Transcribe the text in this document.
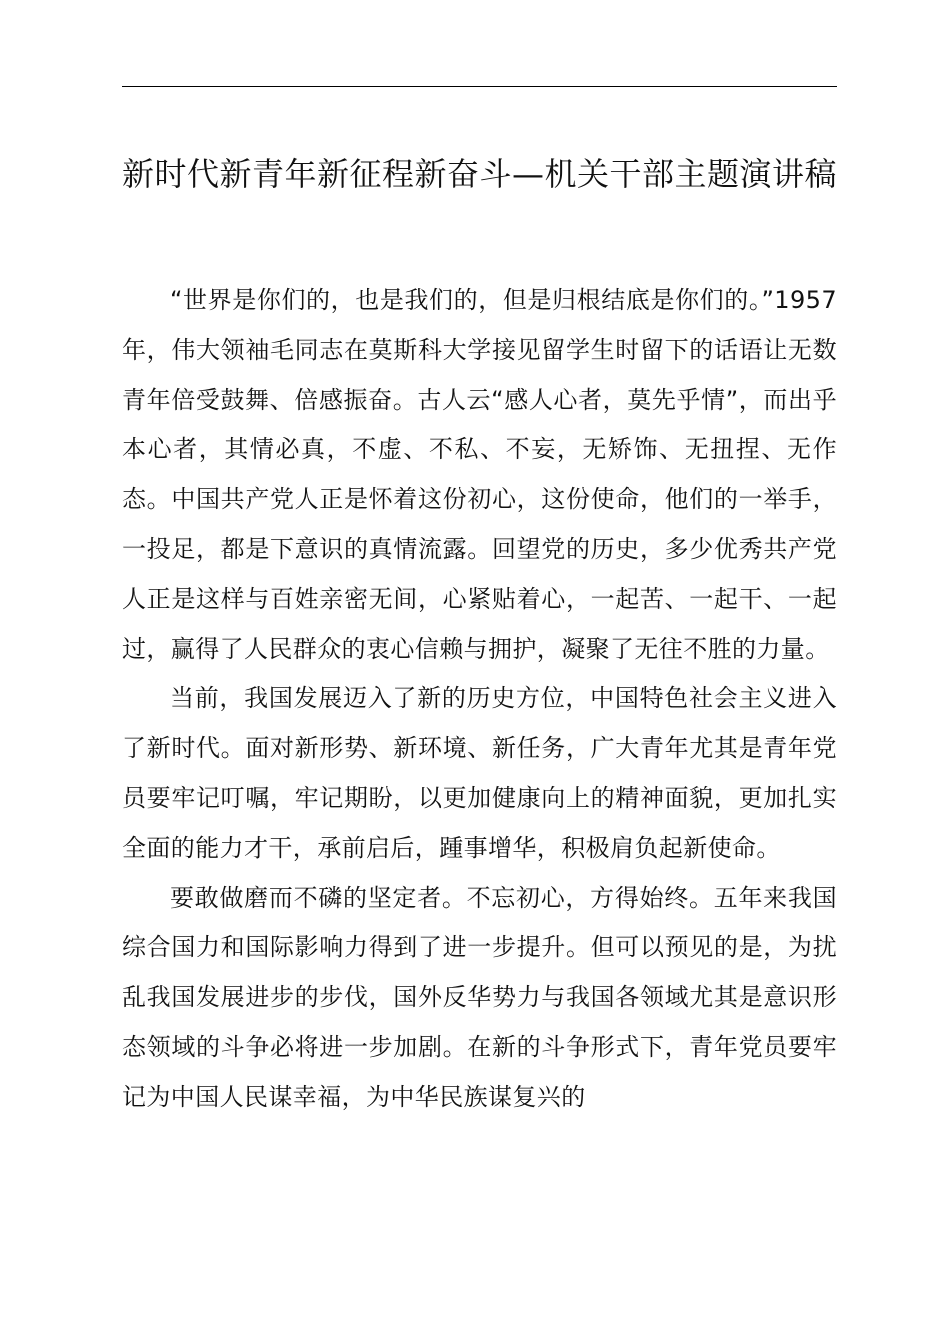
新时代新青年新征程新奋斗—机关干部主题演讲稿

“世界是你们的，也是我们的，但是归根结底是你们的。”1957年，伟大领袖毛同志在莫斯科大学接见留学生时留下的话语让无数青年倍受鼓舞、倍感振奋。古人云“感人心者，莫先乎情”，而出乎本心者，其情必真，不虚、不私、不妄，无矫饰、无扭捏、无作态。中国共产党人正是怀着这份初心，这份使命，他们的一举手，一投足，都是下意识的真情流露。回望党的历史，多少优秀共产党人正是这样与百姓亲密无间，心紧贴着心，一起苦、一起干、一起过，赢得了人民群众的衷心信赖与拥护，凝聚了无往不胜的力量。

当前，我国发展迈入了新的历史方位，中国特色社会主义进入了新时代。面对新形势、新环境、新任务，广大青年尤其是青年党员要牢记叮嘱，牢记期盼，以更加健康向上的精神面貌，更加扎实全面的能力才干，承前启后，踵事增华，积极肩负起新使命。

要敢做磨而不磷的坚定者。不忘初心，方得始终。五年来我国综合国力和国际影响力得到了进一步提升。但可以预见的是，为扰乱我国发展进步的步伐，国外反华势力与我国各领域尤其是意识形态领域的斗争必将进一步加剧。在新的斗争形式下，青年党员要牢记为中国人民谋幸福，为中华民族谋复兴的
